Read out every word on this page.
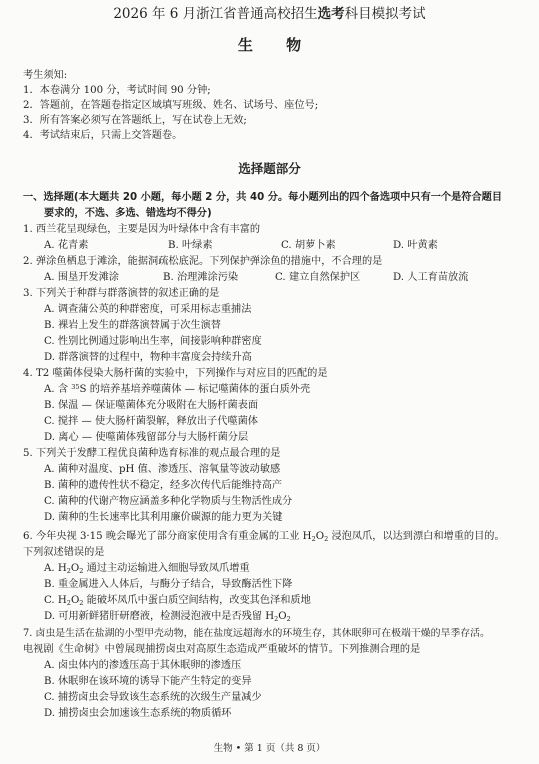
2026 年 6 月浙江省普通高校招生选考科目模拟考试
生 物
考生须知:
1．本卷满分 100 分，考试时间 90 分钟;
2．答题前，在答题卷指定区域填写班级、姓名、试场号、座位号;
3．所有答案必须写在答题纸上，写在试卷上无效;
4．考试结束后，只需上交答题卷。
选择题部分
一、选择题(本大题共 20 小题，每小题 2 分，共 40 分。每小题列出的四个备选项中只有一个是符合题目
要求的，不选、多选、错选均不得分)
1. 西兰花呈现绿色，主要是因为叶绿体中含有丰富的
A. 花青素	B. 叶绿素	C. 胡萝卜素	D. 叶黄素
2. 弹涂鱼栖息于滩涂，能据洞疏松底泥。下列保护弹涂鱼的措施中，不合理的是
A. 围垦开发滩涂	B. 治理滩涂污染	C. 建立自然保护区	D. 人工育苗放流
3. 下列关于种群与群落演替的叙述正确的是
A. 调查蒲公英的种群密度，可采用标志重捕法
B. 裸岩上发生的群落演替属于次生演替
C. 性别比例通过影响出生率，间接影响种群密度
D. 群落演替的过程中，物种丰富度会持续升高
4. T2 噬菌体侵染大肠杆菌的实验中，下列操作与对应目的匹配的是
A. 含 $^{35}$S 的培养基培养噬菌体 — 标记噬菌体的蛋白质外壳
B. 保温 — 保证噬菌体充分吸附在大肠杆菌表面
C. 搅拌 — 使大肠杆菌裂解，释放出子代噬菌体
D. 离心 — 使噬菌体残留部分与大肠杆菌分层
5. 下列关于发酵工程优良菌种选育标准的观点最合理的是
A. 菌种对温度、pH 值、渗透压、溶氧量等波动敏感
B. 菌种的遗传性状不稳定，经多次传代后能维持高产
C. 菌种的代谢产物应涵盖多种化学物质与生物活性成分
D. 菌种的生长速率比其利用廉价碳源的能力更为关键
6. 今年央视 3·15 晚会曝光了部分商家使用含有重金属的工业 $H_2O_2$ 浸泡凤爪，以达到漂白和增重的目的。
下列叙述错误的是
A. $H_2O_2$ 通过主动运输进入细胞导致凤爪增重
B. 重金属进入人体后，与酶分子结合，导致酶活性下降
C. $H_2O_2$ 能破坏凤爪中蛋白质空间结构，改变其色泽和质地
D. 可用新鲜猪肝研磨液，检测浸泡液中是否残留 $H_2O_2$
7. 卤虫是生活在盐湖的小型甲壳动物，能在盐度远超海水的环境生存，其休眠卵可在极端干燥的旱季存活。
电视剧《生命树》中曾展现捕捞卤虫对高原生态造成严重破坏的情节。下列推测合理的是
A. 卤虫体内的渗透压高于其休眠卵的渗透压
B. 休眠卵在该环境的诱导下能产生特定的变异
C. 捕捞卤虫会导致该生态系统的次级生产量减少
D. 捕捞卤虫会加速该生态系统的物质循环
生物 • 第 1 页（共 8 页）
